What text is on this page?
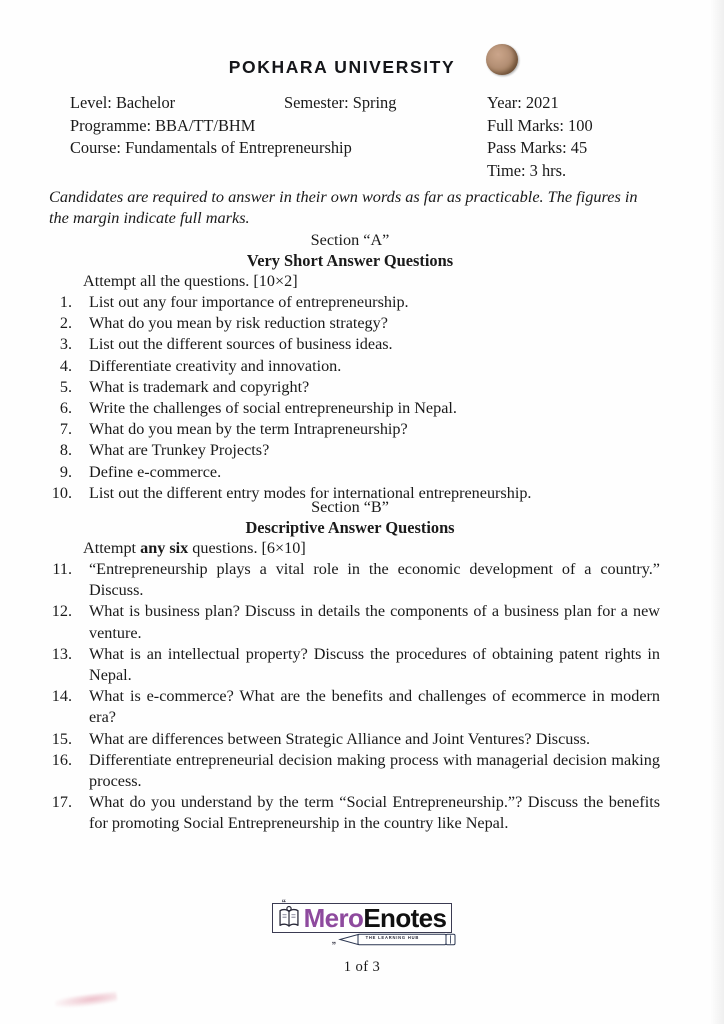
POKHARA UNIVERSITY
Level: Bachelor	Semester: Spring
Programme: BBA/TT/BHM
Course: Fundamentals of Entrepreneurship
Year: 2021
Full Marks: 100
Pass Marks: 45
Time: 3 hrs.
Candidates are required to answer in their own words as far as practicable. The figures in the margin indicate full marks.
Section “A”
Very Short Answer Questions
Attempt all the questions. [10×2]
1. List out any four importance of entrepreneurship.
2. What do you mean by risk reduction strategy?
3. List out the different sources of business ideas.
4. Differentiate creativity and innovation.
5. What is trademark and copyright?
6. Write the challenges of social entrepreneurship in Nepal.
7. What do you mean by the term Intrapreneurship?
8. What are Trunkey Projects?
9. Define e-commerce.
10. List out the different entry modes for international entrepreneurship.
Section “B”
Descriptive Answer Questions
Attempt any six questions. [6×10]
11. “Entrepreneurship plays a vital role in the economic development of a country.” Discuss.
12. What is business plan? Discuss in details the components of a business plan for a new venture.
13. What is an intellectual property? Discuss the procedures of obtaining patent rights in Nepal.
14. What is e-commerce? What are the benefits and challenges of ecommerce in modern era?
15. What are differences between Strategic Alliance and Joint Ventures? Discuss.
16. Differentiate entrepreneurial decision making process with managerial decision making process.
17. What do you understand by the term “Social Entrepreneurship.”? Discuss the benefits for promoting Social Entrepreneurship in the country like Nepal.
„
MeroEnotes
THE LEARNING HUB
1 of 3
